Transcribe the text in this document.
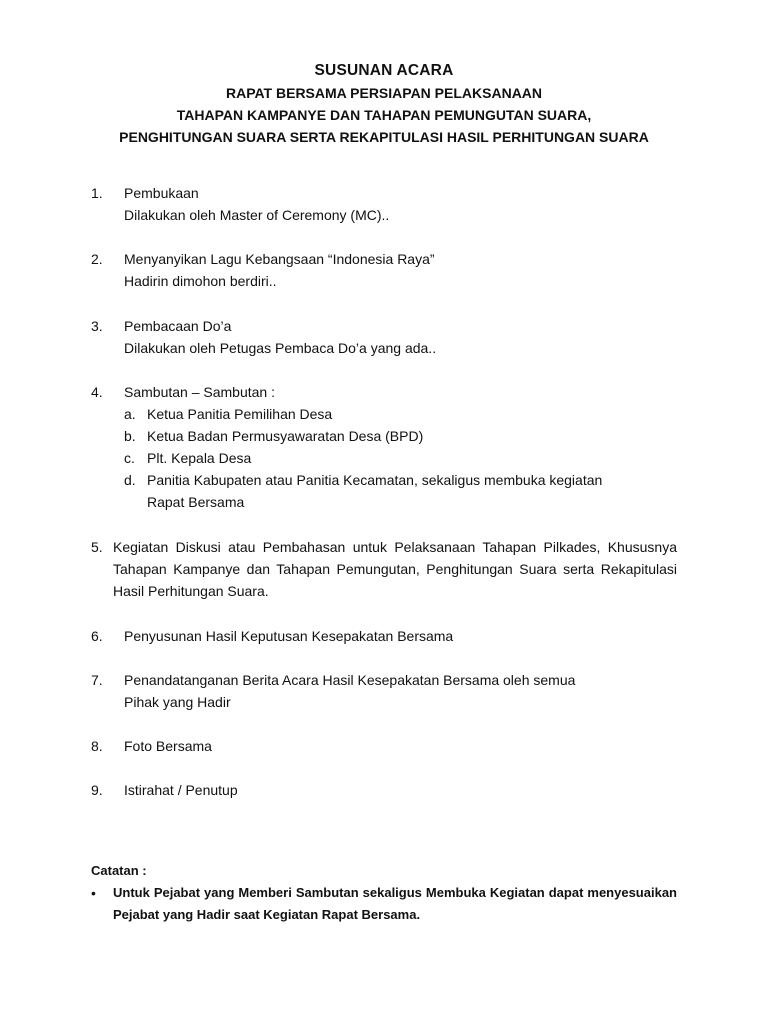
SUSUNAN ACARA
RAPAT BERSAMA PERSIAPAN PELAKSANAAN
TAHAPAN KAMPANYE DAN TAHAPAN PEMUNGUTAN SUARA,
PENGHITUNGAN SUARA SERTA REKAPITULASI HASIL PERHITUNGAN SUARA
1.	Pembukaan
Dilakukan oleh Master of Ceremony (MC)..
2.	Menyanyikan Lagu Kebangsaan “Indonesia Raya”
Hadirin dimohon berdiri..
3.	Pembacaan Do’a
Dilakukan oleh Petugas Pembaca Do’a yang ada..
4.	Sambutan – Sambutan :
a. Ketua Panitia Pemilihan Desa
b. Ketua Badan Permusyawaratan Desa (BPD)
c. Plt. Kepala Desa
d. Panitia Kabupaten atau Panitia Kecamatan, sekaligus membuka kegiatan Rapat Bersama
5. Kegiatan Diskusi atau Pembahasan untuk Pelaksanaan Tahapan Pilkades, Khususnya Tahapan Kampanye dan Tahapan Pemungutan, Penghitungan Suara serta Rekapitulasi Hasil Perhitungan Suara.
6.	Penyusunan Hasil Keputusan Kesepakatan Bersama
7.	Penandatanganan Berita Acara Hasil Kesepakatan Bersama oleh semua
Pihak yang Hadir
8.	Foto Bersama
9.	Istirahat / Penutup
Catatan :
• Untuk Pejabat yang Memberi Sambutan sekaligus Membuka Kegiatan dapat menyesuaikan Pejabat yang Hadir saat Kegiatan Rapat Bersama.
